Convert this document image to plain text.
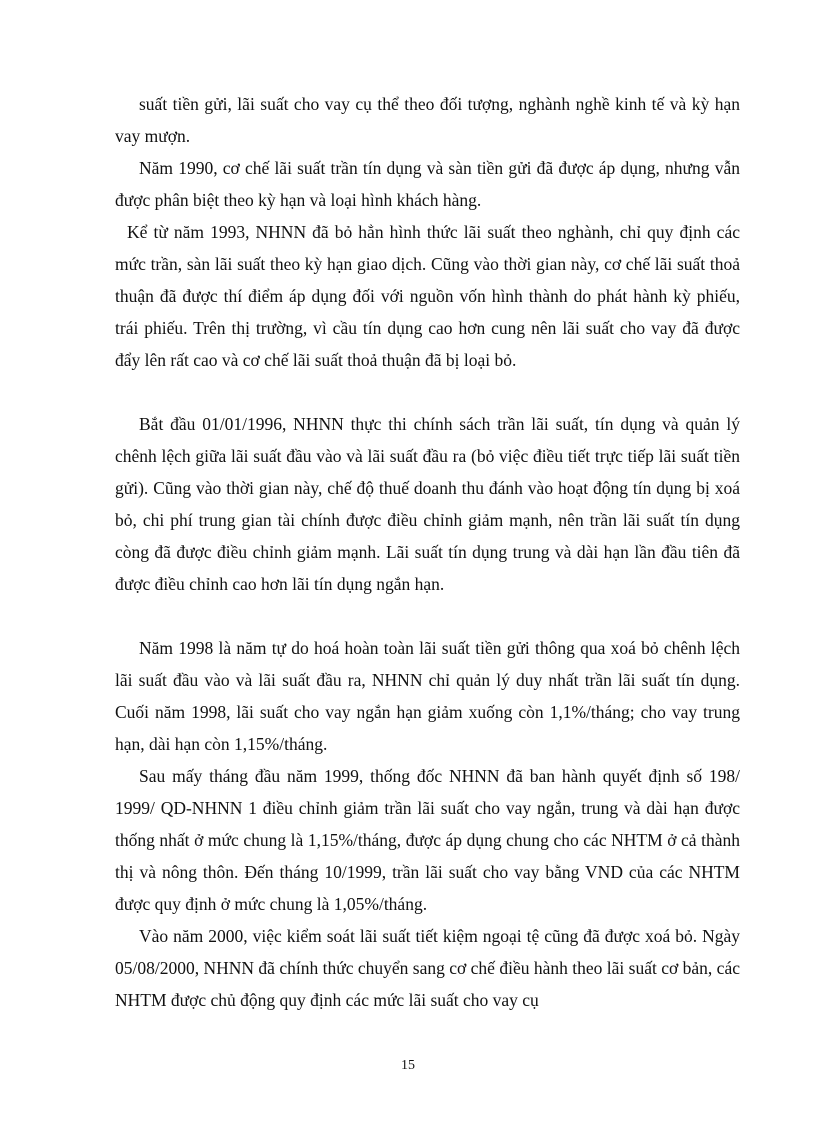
suất tiền gửi, lãi suất cho vay cụ thể theo đối tượng, nghành nghề kinh tế và kỳ hạn vay mượn.

Năm 1990, cơ chế lãi suất trần tín dụng và sàn tiền gửi đã được áp dụng, nhưng vẫn được phân biệt theo kỳ hạn và loại hình khách hàng.

Kể từ năm 1993, NHNN đã bỏ hẳn hình thức lãi suất theo nghành, chỉ quy định các mức trần, sàn lãi suất theo kỳ hạn giao dịch. Cũng vào thời gian này, cơ chế lãi suất thoả thuận đã được thí điểm áp dụng đối với nguồn vốn hình thành do phát hành kỳ phiếu, trái phiếu. Trên thị trường, vì cầu tín dụng cao hơn cung nên lãi suất cho vay đã được đẩy lên rất cao và cơ chế lãi suất thoả thuận đã bị loại bỏ.

Bắt đầu 01/01/1996, NHNN thực thi chính sách trần lãi suất, tín dụng và quản lý chênh lệch giữa lãi suất đầu vào và lãi suất đầu ra (bỏ việc điều tiết trực tiếp lãi suất tiền gửi). Cũng vào thời gian này, chế độ thuế doanh thu đánh vào hoạt động tín dụng bị xoá bỏ, chi phí trung gian tài chính được điều chỉnh giảm mạnh, nên trần lãi suất tín dụng còng đã được điều chỉnh giảm mạnh. Lãi suất tín dụng trung và dài hạn lần đầu tiên đã được điều chỉnh cao hơn lãi tín dụng ngắn hạn.

Năm 1998 là năm tự do hoá hoàn toàn lãi suất tiền gửi thông qua xoá bỏ chênh lệch lãi suất đầu vào và lãi suất đầu ra, NHNN chỉ quản lý duy nhất trần lãi suất tín dụng. Cuối năm 1998, lãi suất cho vay ngắn hạn giảm xuống còn 1,1%/tháng; cho vay trung hạn, dài hạn còn 1,15%/tháng.

Sau mấy tháng đầu năm 1999, thống đốc NHNN đã ban hành quyết định số 198/ 1999/ QD-NHNN 1 điều chỉnh giảm trần lãi suất cho vay ngắn, trung và dài hạn được thống nhất ở mức chung là 1,15%/tháng, được áp dụng chung cho các NHTM ở cả thành thị và nông thôn. Đến tháng 10/1999, trần lãi suất cho vay bằng VND của các NHTM được quy định ở mức chung là 1,05%/tháng.

Vào năm 2000, việc kiểm soát lãi suất tiết kiệm ngoại tệ cũng đã được xoá bỏ. Ngày 05/08/2000, NHNN đã chính thức chuyển sang cơ chế điều hành theo lãi suất cơ bản, các NHTM được chủ động quy định các mức lãi suất cho vay cụ

15
